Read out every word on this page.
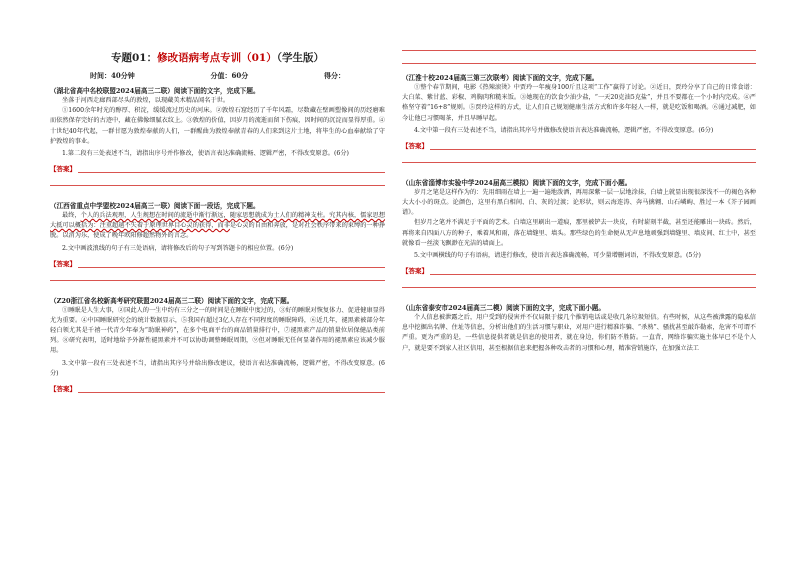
专题01：修改语病考点专训（01）（学生版）
时间：40分钟	分值：60分	得分：
（湖北省高中名校联盟2024届高三二联）阅读下面的文字，完成下题。
坐落于河西走廊西部尽头的敦煌，以现藏美术精品闻名于世。
①1600余年时光的醇厚、积淀，缓缓流过历史的河床。②敦煌石窟经历了千年风霜，尽数藏在壁画塑像间的历经磨难而依然保存完好的古迹中，藏在佛像细腻衣纹上。③敦煌的价值，因岁月的流逝而留下伤痕，因时间的沉淀而显得厚重。④十世纪40年代起，一群甘愿为敦煌奉献的人们，一群醒曲为敦煌奉献青春的人们来到这片土地，将毕生的心血奉献给了守护敦煌的事业。
1.第二段有三处表述不当，请指出序号并作修改，使语言表达准确流畅、逻辑严密，不得改变原意。(6分)
【答案】
（江西省重点中学盟校2024届高三一联）阅读下面一段话，完成下题。
最终，个人的兵法观理，人生规想在时间的流逝中渐行渐远，随家思想就成为士人们的精神支柱。究其内核，儒家思想大抵可以概括为：注重超越不失着于原理世界目心灵的获得，而非是心灵的自由和奔放，是对社会秩序带来的束缚的一种挣脱。以消为乐，使成了晚年欧阳修超然物外的言念。
2.文中画波浪线的句子有三处语病，请将修改后的句子写到答题卡的相应位置。(6分)
【答案】
（Z20浙江省名校新高考研究联盟2024届高三二联）阅读下面的文字，完成下题。
①睡眠是人生大事，②国此人的一生中约有三分之一的时间是在睡眠中度过的，③好的睡眠对恢复体力、促进健康显得尤为重要。④中国睡眠研究会的统计数据显示，⑤我国有超过3亿人存在不同程度的睡眠障碍，⑥近几年，褪黑素被部分年轻白领尤其是千禧一代青少年奉为“助眠神药”，在多个电商平台的商品销量排行中，⑦褪黑素产品的销量位居保健品类前列。⑧研究表明，适时地给予外源性褪黑素并不可以协助调整睡眠周期，⑨但对睡眠无任何显著作用的褪黑素应该减少服用。
3.文中第一段有三处表述不当，请指出其序号并给出修改建议，使语言表达准确流畅，逻辑严密，不得改变原意。(6分)
【答案】
（江淮十校2024届高三第三次联考）阅读下面的文字，完成下题。
①整个春节期间，电影《热辣滚烫》中贾玲一年瘦身100斤且这项“工作”赢得了讨论。②近日，贾玲分享了自己的日常食谱：大白菜、紫甘蓝、彩椒、鸡胸肉和糙米饭。③她现在的饮食少油少盐，“一天20克油5克盐”，并且不要都在一个小时内完成。④严格坚守着“16+8”规则。⑤贾玲这样的方式，让人们自己规划健康生活方式和许多年轻人一样，就是吃饭和喝酒。⑥通过减肥，如今让他已习惯喝茶，并且早睡早起。
4.文中第一段有三处表述不当，请指出其序号并做修改使语言表达准确流畅，逻辑严密，不得改变原意。(6分)
【答案】
（山东省淄博市实验中学2024届高三模拟）阅读下面的文字，完成下面小题。
岁月之笔是这样作为的：先用细雨在墙上一遍一遍地泼洒，再用深紫一层一层地涂抹，白墙上就显出现很深浅不一的褐色各种大大小小的斑点。论颜色，这里有黑白相间、白、灰的过渡；论形状，则云海连涛、奔马擒翱、山石嶙峋、胜过一本《芥子园画谱》。
但岁月之笔并不满足于平面的艺术。白墙这里刷出一道痕，那里被铲去一块皮，有时崭刻半截，甚至还能雕出一块砖。然后，再将来自四面八方的种子，乘着风和雨，落在墙缝里、墙头。那些绿色的生命便从无声息地顽强到墙缝里、墙皮间、红土中，甚至就像看一丝淡飞飘渺在光洁的墙面上。
5.文中画横线的句子有语病，请进行修改，使语言表达准确流畅，可少量增删词语，不得改变原意。(5分)
【答案】
（山东省泰安市2024届高三二模）阅读下面的文字，完成下面小题。
个人信息被泄露之后，用户受到的侵害并不仅局限于接几个推销电话或是收几条垃圾短信。有些时候，从这些被泄露的隐私信息中挖掘出名牌、住址等信息，分析出他们的生活习惯与职业，对用户进行精准诈骗、“杀熟”、骚扰甚至敲诈勒索，危害不可谓不严重。更为严重的是，一些信息提供者就是信息的使用者，就在身边，你们防不胜防。一直背，网络诈骗实施主体早已不是个人户，就是要不到家人社区信用，甚至根据信息来把握各种攻击者的习惯和心理，精准营销施诈，在加强立法工
